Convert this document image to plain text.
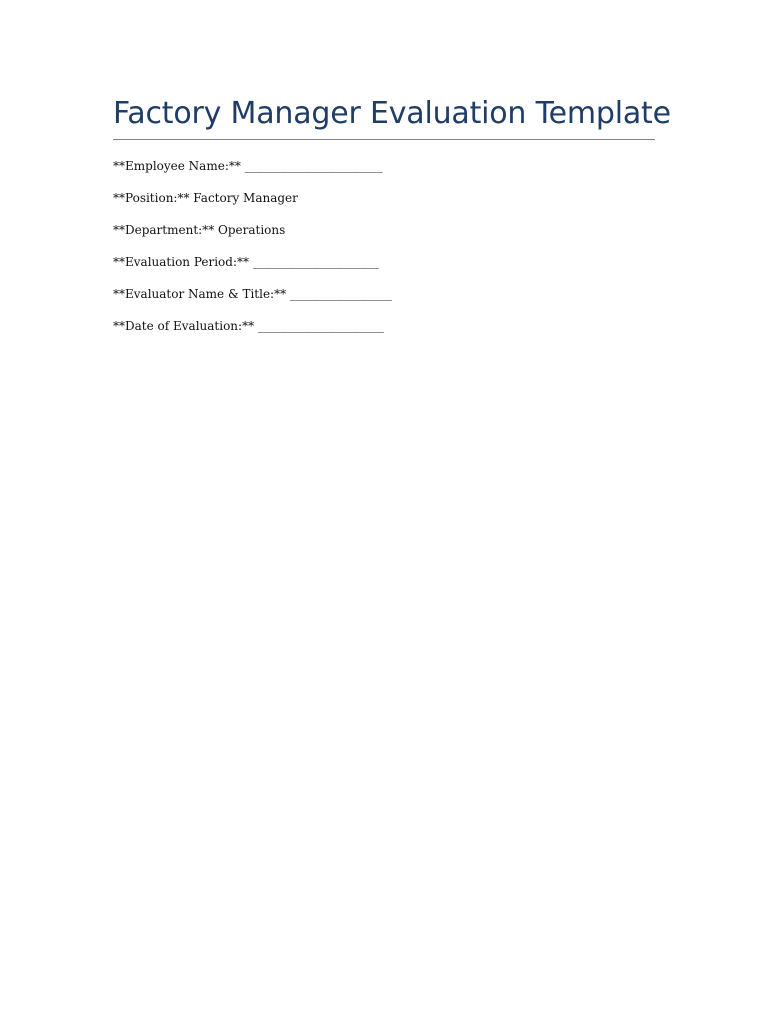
Factory Manager Evaluation Template
**Employee Name:** _______________________
**Position:** Factory Manager
**Department:** Operations
**Evaluation Period:** _____________________
**Evaluator Name & Title:** _________________
**Date of Evaluation:** _____________________
